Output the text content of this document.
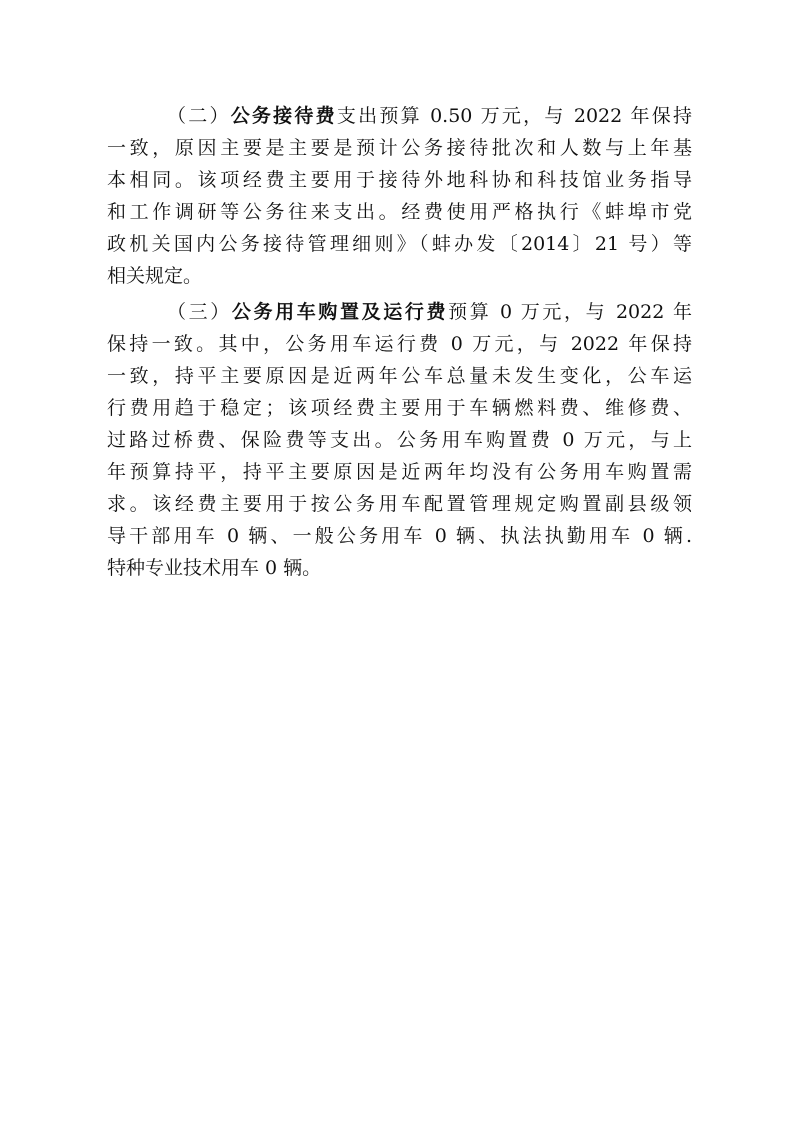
（二）公务接待费支出预算 0.50 万元，与 2022 年保持
一致，原因主要是主要是预计公务接待批次和人数与上年基
本相同。该项经费主要用于接待外地科协和科技馆业务指导
和工作调研等公务往来支出。经费使用严格执行《蚌埠市党
政机关国内公务接待管理细则》（蚌办发〔2014〕21 号）等
相关规定。
（三）公务用车购置及运行费预算 0 万元，与 2022 年
保持一致。其中，公务用车运行费 0 万元，与 2022 年保持
一致，持平主要原因是近两年公车总量未发生变化，公车运
行费用趋于稳定；该项经费主要用于车辆燃料费、维修费、
过路过桥费、保险费等支出。公务用车购置费 0 万元，与上
年预算持平，持平主要原因是近两年均没有公务用车购置需
求。该经费主要用于按公务用车配置管理规定购置副县级领
导干部用车 0 辆、一般公务用车 0 辆、执法执勤用车 0 辆.
特种专业技术用车 0 辆。
